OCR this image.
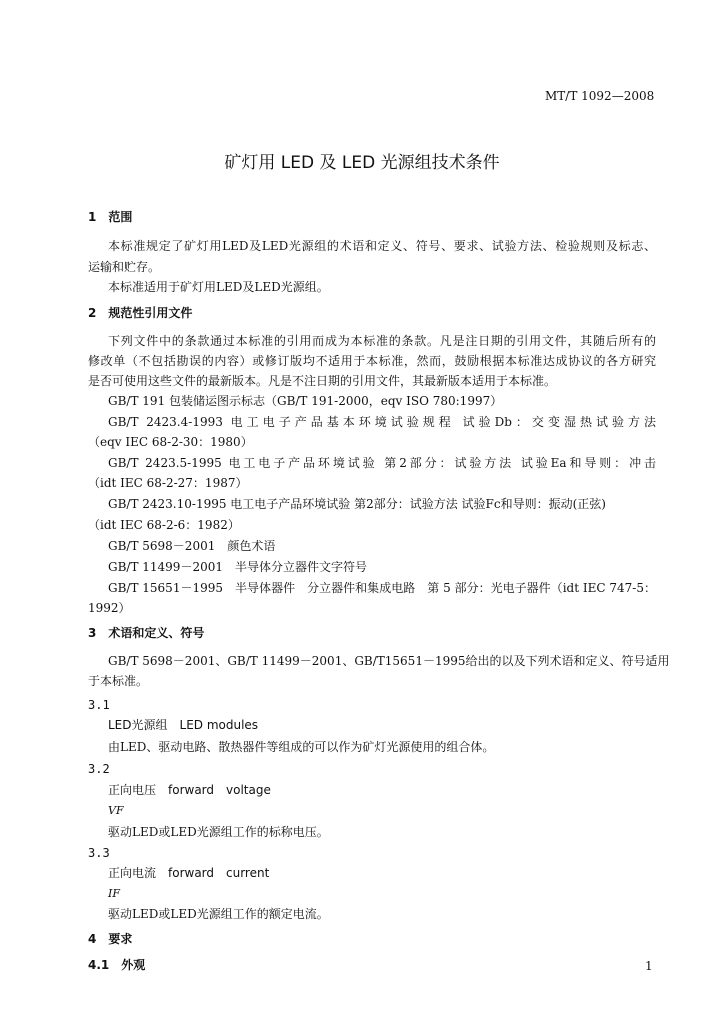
MT/T 1092—2008
矿灯用 LED 及 LED 光源组技术条件
1　范围
本标准规定了矿灯用LED及LED光源组的术语和定义、符号、要求、试验方法、检验规则及标志、
运输和贮存。
本标准适用于矿灯用LED及LED光源组。
2　规范性引用文件
下列文件中的条款通过本标准的引用而成为本标准的条款。凡是注日期的引用文件，其随后所有的
修改单（不包括勘误的内容）或修订版均不适用于本标准，然而，鼓励根据本标准达成协议的各方研究
是否可使用这些文件的最新版本。凡是不注日期的引用文件，其最新版本适用于本标准。
GB/T 191 包装储运图示标志（GB/T 191-2000，eqv ISO 780:1997）
GB/T 2423.4-1993 电工电子产品基本环境试验规程 试验Db：交变湿热试验方法
（eqv IEC 68-2-30：1980）
GB/T 2423.5-1995 电工电子产品环境试验 第2部分：试验方法 试验Ea和导则：冲击
（idt IEC 68-2-27：1987）
GB/T 2423.10-1995 电工电子产品环境试验 第2部分：试验方法 试验Fc和导则：振动(正弦)
（idt IEC 68-2-6：1982）
GB/T 5698－2001　颜色术语
GB/T 11499－2001　半导体分立器件文字符号
GB/T 15651－1995　半导体器件　分立器件和集成电路　第 5 部分：光电子器件（idt IEC 747-5：
1992）
3　术语和定义、符号
GB/T 5698－2001、GB/T 11499－2001、GB/T15651－1995给出的以及下列术语和定义、符号适用
于本标准。
3.1
LED光源组　LED modules
由LED、驱动电路、散热器件等组成的可以作为矿灯光源使用的组合体。
3.2
正向电压　forward　voltage
VF
驱动LED或LED光源组工作的标称电压。
3.3
正向电流　forward　current
IF
驱动LED或LED光源组工作的额定电流。
4　要求
4.1　外观	1
